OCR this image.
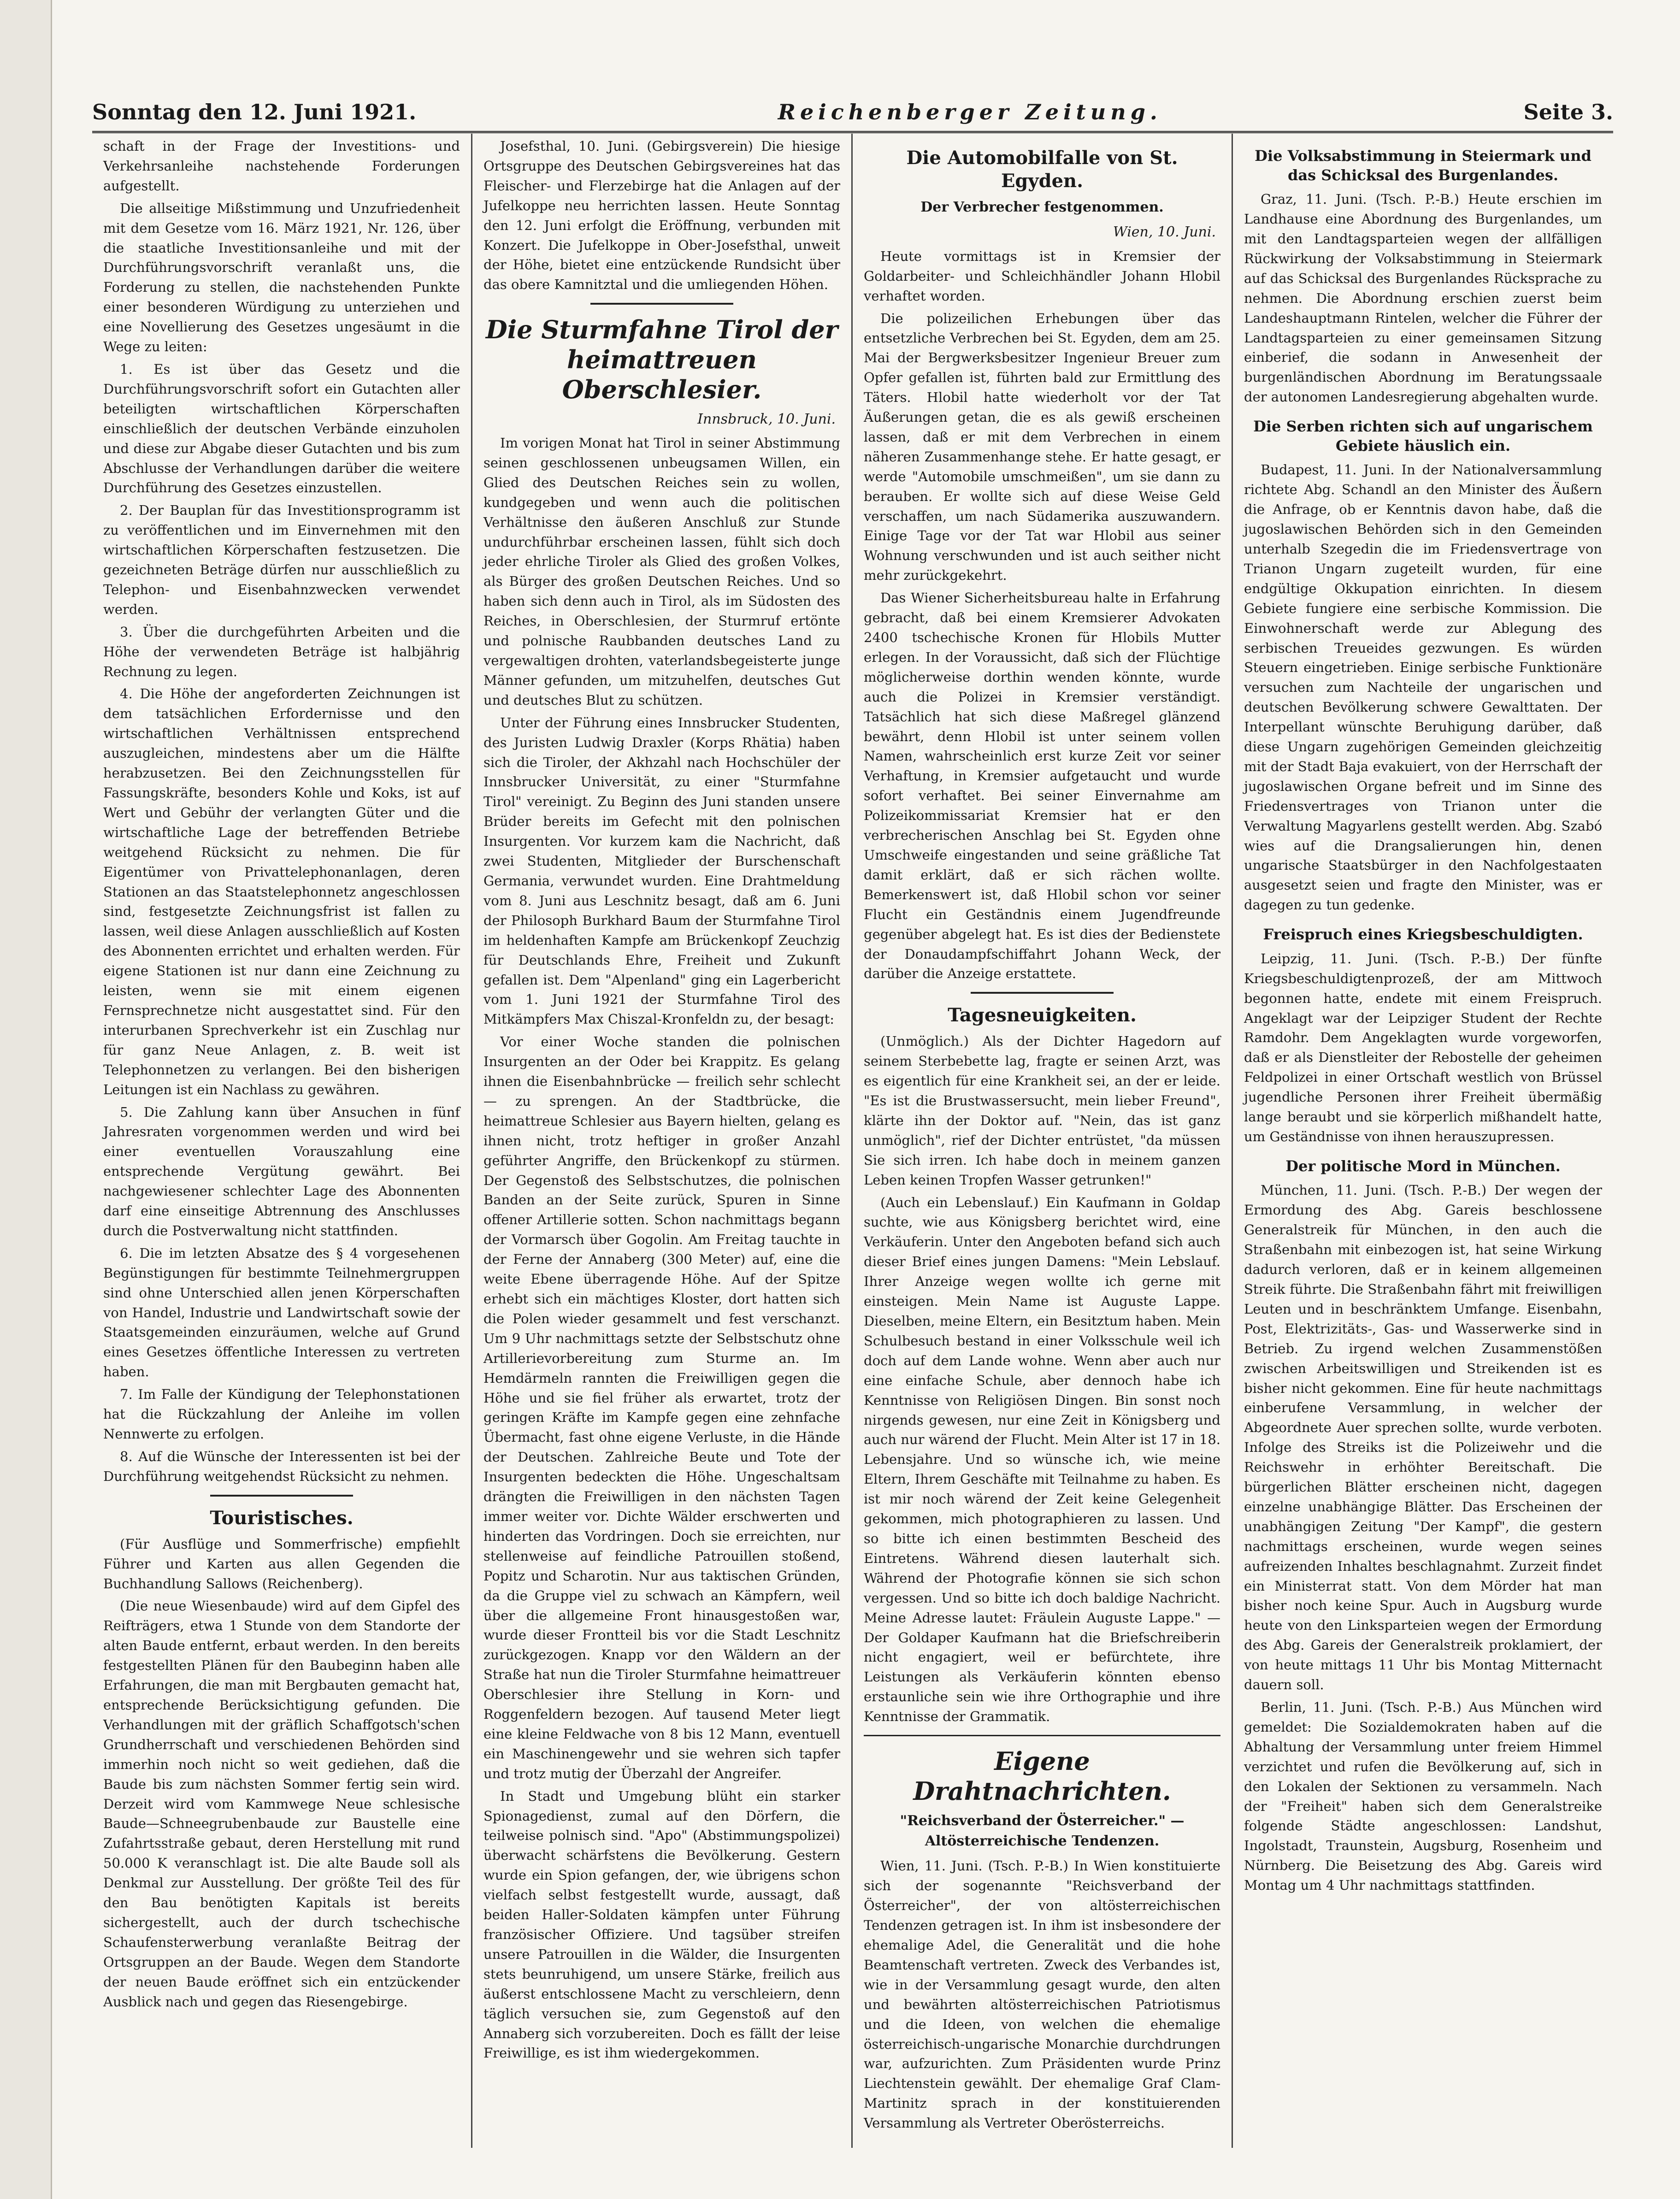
Sonntag den 12. Juni 1921.	Reichenberger Zeitung.	Seite 3.

schaft in der Frage der Investitions- und Verkehrsanleihe nachstehende Forderungen aufgestellt.

Die allseitige Mißstimmung und Unzufriedenheit mit dem Gesetze vom 16. März 1921, Nr. 126, über die staatliche Investitionsanleihe und mit der Durchführungsvorschrift veranlaßt uns, die Forderung zu stellen, die nachstehenden Punkte einer besonderen Würdigung zu unterziehen und eine Novellierung des Gesetzes ungesäumt in die Wege zu leiten:

1. Es ist über das Gesetz und die Durchführungsvorschrift sofort ein Gutachten aller beteiligten wirtschaftlichen Körperschaften einschließlich der deutschen Verbände einzuholen und diese zur Abgabe dieser Gutachten und bis zum Abschlusse der Verhandlungen darüber die weitere Durchführung des Gesetzes einzustellen.

2. Der Bauplan für das Investitionsprogramm ist zu veröffentlichen und im Einvernehmen mit den wirtschaftlichen Körperschaften festzusetzen. Die gezeichneten Beträge dürfen nur ausschließlich zu Telephon- und Eisenbahnzwecken verwendet werden.

3. Über die durchgeführten Arbeiten und die Höhe der verwendeten Beträge ist halbjährig Rechnung zu legen.

4. Die Höhe der angeforderten Zeichnungen ist dem tatsächlichen Erfordernisse und den wirtschaftlichen Verhältnissen entsprechend auszugleichen, mindestens aber um die Hälfte herabzusetzen. Bei den Zeichnungsstellen für Fassungskräfte, besonders Kohle und Koks, ist auf Wert und Gebühr der verlangten Güter und die wirtschaftliche Lage der betreffenden Betriebe weitgehend Rücksicht zu nehmen. Die für Eigentümer von Privattelephonanlagen, deren Stationen an das Staatstelephonnetz angeschlossen sind, festgesetzte Zeichnungsfrist ist fallen zu lassen, weil diese Anlagen ausschließlich auf Kosten des Abonnenten errichtet und erhalten werden. Für eigene Stationen ist nur dann eine Zeichnung zu leisten, wenn sie mit einem eigenen Fernsprechnetze nicht ausgestattet sind. Für den interurbanen Sprechverkehr ist ein Zuschlag nur für ganz Neue Anlagen, z. B. weit ist Telephonnetzen zu verlangen. Bei den bisherigen Leitungen ist ein Nachlass zu gewähren.

5. Die Zahlung kann über Ansuchen in fünf Jahresraten vorgenommen werden und wird bei einer eventuellen Vorauszahlung eine entsprechende Vergütung gewährt. Bei nachgewiesener schlechter Lage des Abonnenten darf eine einseitige Abtrennung des Anschlusses durch die Postverwaltung nicht stattfinden.

6. Die im letzten Absatze des § 4 vorgesehenen Begünstigungen für bestimmte Teilnehmergruppen sind ohne Unterschied allen jenen Körperschaften von Handel, Industrie und Landwirtschaft sowie der Staatsgemeinden einzuräumen, welche auf Grund eines Gesetzes öffentliche Interessen zu vertreten haben.

7. Im Falle der Kündigung der Telephonstationen hat die Rückzahlung der Anleihe im vollen Nennwerte zu erfolgen.

8. Auf die Wünsche der Interessenten ist bei der Durchführung weitgehendst Rücksicht zu nehmen.

Touristisches.

(Für Ausflüge und Sommerfrische) empfiehlt Führer und Karten aus allen Gegenden die Buchhandlung Sallows (Reichenberg).

(Die neue Wiesenbaude) wird auf dem Gipfel des Reifträgers, etwa 1 Stunde von dem Standorte der alten Baude entfernt, erbaut werden. In den bereits festgestellten Plänen für den Baubeginn haben alle Erfahrungen, die man mit Bergbauten gemacht hat, entsprechende Berücksichtigung gefunden. Die Verhandlungen mit der gräflich Schaffgotsch'schen Grundherrschaft und verschiedenen Behörden sind immerhin noch nicht so weit gediehen, daß die Baude bis zum nächsten Sommer fertig sein wird. Derzeit wird vom Kammwege Neue schlesische Baude—Schneegrubenbaude zur Baustelle eine Zufahrtsstraße gebaut, deren Herstellung mit rund 50.000 K veranschlagt ist. Die alte Baude soll als Denkmal zur Ausstellung. Der größte Teil des für den Bau benötigten Kapitals ist bereits sichergestellt, auch der durch tschechische Schaufensterwerbung veranlaßte Beitrag der Ortsgruppen an der Baude. Wegen dem Standorte der neuen Baude eröffnet sich ein entzückender Ausblick nach und gegen das Riesengebirge.

Josefsthal, 10. Juni. (Gebirgsverein) Die hiesige Ortsgruppe des Deutschen Gebirgsvereines hat das Fleischer- und Flerzebirge hat die Anlagen auf der Jufelkoppe neu herrichten lassen. Heute Sonntag den 12. Juni erfolgt die Eröffnung, verbunden mit Konzert. Die Jufelkoppe in Ober-Josefsthal, unweit der Höhe, bietet eine entzückende Rundsicht über das obere Kamnitztal und die umliegenden Höhen.

Die Sturmfahne Tirol der heimattreuen Oberschlesier.
Innsbruck, 10. Juni.

Im vorigen Monat hat Tirol in seiner Abstimmung seinen geschlossenen unbeugsamen Willen, ein Glied des Deutschen Reiches sein zu wollen, kundgegeben und wenn auch die politischen Verhältnisse den äußeren Anschluß zur Stunde undurchführbar erscheinen lassen, fühlt sich doch jeder ehrliche Tiroler als Glied des großen Volkes, als Bürger des großen Deutschen Reiches. Und so haben sich denn auch in Tirol, als im Südosten des Reiches, in Oberschlesien, der Sturmruf ertönte und polnische Raubbanden deutsches Land zu vergewaltigen drohten, vaterlandsbegeisterte junge Männer gefunden, um mitzuhelfen, deutsches Gut und deutsches Blut zu schützen.

Unter der Führung eines Innsbrucker Studenten, des Juristen Ludwig Draxler (Korps Rhätia) haben sich die Tiroler, der Akhzahl nach Hochschüler der Innsbrucker Universität, zu einer "Sturmfahne Tirol" vereinigt. Zu Beginn des Juni standen unsere Brüder bereits im Gefecht mit den polnischen Insurgenten. Vor kurzem kam die Nachricht, daß zwei Studenten, Mitglieder der Burschenschaft Germania, verwundet wurden. Eine Drahtmeldung vom 8. Juni aus Leschnitz besagt, daß am 6. Juni der Philosoph Burkhard Baum der Sturmfahne Tirol im heldenhaften Kampfe am Brückenkopf Zeuchzig für Deutschlands Ehre, Freiheit und Zukunft gefallen ist. Dem "Alpenland" ging ein Lagerbericht vom 1. Juni 1921 der Sturmfahne Tirol des Mitkämpfers Max Chiszal-Kronfeldn zu, der besagt:

Vor einer Woche standen die polnischen Insurgenten an der Oder bei Krappitz. Es gelang ihnen die Eisenbahnbrücke — freilich sehr schlecht — zu sprengen. An der Stadtbrücke, die heimattreue Schlesier aus Bayern hielten, gelang es ihnen nicht, trotz heftiger in großer Anzahl geführter Angriffe, den Brückenkopf zu stürmen. Der Gegenstoß des Selbstschutzes, die polnischen Banden an der Seite zurück, Spuren in Sinne offener Artillerie sotten. Schon nachmittags begann der Vormarsch über Gogolin. Am Freitag tauchte in der Ferne der Annaberg (300 Meter) auf, eine die weite Ebene überragende Höhe. Auf der Spitze erhebt sich ein mächtiges Kloster, dort hatten sich die Polen wieder gesammelt und fest verschanzt. Um 9 Uhr nachmittags setzte der Selbstschutz ohne Artillerievorbereitung zum Sturme an. Im Hemdärmeln rannten die Freiwilligen gegen die Höhe und sie fiel früher als erwartet, trotz der geringen Kräfte im Kampfe gegen eine zehnfache Übermacht, fast ohne eigene Verluste, in die Hände der Deutschen. Zahlreiche Beute und Tote der Insurgenten bedeckten die Höhe. Ungeschaltsam drängten die Freiwilligen in den nächsten Tagen immer weiter vor. Dichte Wälder erschwerten und hinderten das Vordringen. Doch sie erreichten, nur stellenweise auf feindliche Patrouillen stoßend, Popitz und Scharotin. Nur aus taktischen Gründen, da die Gruppe viel zu schwach an Kämpfern, weil über die allgemeine Front hinausgestoßen war, wurde dieser Frontteil bis vor die Stadt Leschnitz zurückgezogen. Knapp vor den Wäldern an der Straße hat nun die Tiroler Sturmfahne heimattreuer Oberschlesier ihre Stellung in Korn- und Roggenfeldern bezogen. Auf tausend Meter liegt eine kleine Feldwache von 8 bis 12 Mann, eventuell ein Maschinengewehr und sie wehren sich tapfer und trotz mutig der Überzahl der Angreifer.

In Stadt und Umgebung blüht ein starker Spionagedienst, zumal auf den Dörfern, die teilweise polnisch sind. "Apo" (Abstimmungspolizei) überwacht schärfstens die Bevölkerung. Gestern wurde ein Spion gefangen, der, wie übrigens schon vielfach selbst festgestellt wurde, aussagt, daß beiden Haller-Soldaten kämpfen unter Führung französischer Offiziere. Und tagsüber streifen unsere Patrouillen in die Wälder, die Insurgenten stets beunruhigend, um unsere Stärke, freilich aus äußerst entschlossene Macht zu verschleiern, denn täglich versuchen sie, zum Gegenstoß auf den Annaberg sich vorzubereiten. Doch es fällt der leise Freiwillige, es ist ihm wiedergekommen.

Die Automobilfalle von St. Egyden.
Der Verbrecher festgenommen.
Wien, 10. Juni.

Heute vormittags ist in Kremsier der Goldarbeiter- und Schleichhändler Johann Hlobil verhaftet worden.

Die polizeilichen Erhebungen über das entsetzliche Verbrechen bei St. Egyden, dem am 25. Mai der Bergwerksbesitzer Ingenieur Breuer zum Opfer gefallen ist, führten bald zur Ermittlung des Täters. Hlobil hatte wiederholt vor der Tat Äußerungen getan, die es als gewiß erscheinen lassen, daß er mit dem Verbrechen in einem näheren Zusammenhange stehe. Er hatte gesagt, er werde "Automobile umschmeißen", um sie dann zu berauben. Er wollte sich auf diese Weise Geld verschaffen, um nach Südamerika auszuwandern. Einige Tage vor der Tat war Hlobil aus seiner Wohnung verschwunden und ist auch seither nicht mehr zurückgekehrt.

Das Wiener Sicherheitsbureau halte in Erfahrung gebracht, daß bei einem Kremsierer Advokaten 2400 tschechische Kronen für Hlobils Mutter erlegen. In der Voraussicht, daß sich der Flüchtige möglicherweise dorthin wenden könnte, wurde auch die Polizei in Kremsier verständigt. Tatsächlich hat sich diese Maßregel glänzend bewährt, denn Hlobil ist unter seinem vollen Namen, wahrscheinlich erst kurze Zeit vor seiner Verhaftung, in Kremsier aufgetaucht und wurde sofort verhaftet. Bei seiner Einvernahme am Polizeikommissariat Kremsier hat er den verbrecherischen Anschlag bei St. Egyden ohne Umschweife eingestanden und seine gräßliche Tat damit erklärt, daß er sich rächen wollte. Bemerkenswert ist, daß Hlobil schon vor seiner Flucht ein Geständnis einem Jugendfreunde gegenüber abgelegt hat. Es ist dies der Bedienstete der Donaudampfschiffahrt Johann Weck, der darüber die Anzeige erstattete.

Tagesneuigkeiten.

(Unmöglich.) Als der Dichter Hagedorn auf seinem Sterbebette lag, fragte er seinen Arzt, was es eigentlich für eine Krankheit sei, an der er leide. "Es ist die Brustwassersucht, mein lieber Freund", klärte ihn der Doktor auf. "Nein, das ist ganz unmöglich", rief der Dichter entrüstet, "da müssen Sie sich irren. Ich habe doch in meinem ganzen Leben keinen Tropfen Wasser getrunken!"

(Auch ein Lebenslauf.) Ein Kaufmann in Goldap suchte, wie aus Königsberg berichtet wird, eine Verkäuferin. Unter den Angeboten befand sich auch dieser Brief eines jungen Damens: "Mein Lebslauf. Ihrer Anzeige wegen wollte ich gerne mit einsteigen. Mein Name ist Auguste Lappe. Dieselben, meine Eltern, ein Besitztum haben. Mein Schulbesuch bestand in einer Volksschule weil ich doch auf dem Lande wohne. Wenn aber auch nur eine einfache Schule, aber dennoch habe ich Kenntnisse von Religiösen Dingen. Bin sonst noch nirgends gewesen, nur eine Zeit in Königsberg und auch nur wärend der Flucht. Mein Alter ist 17 in 18. Lebensjahre. Und so wünsche ich, wie meine Eltern, Ihrem Geschäfte mit Teilnahme zu haben. Es ist mir noch wärend der Zeit keine Gelegenheit gekommen, mich photographieren zu lassen. Und so bitte ich einen bestimmten Bescheid des Eintretens. Während diesen lauterhalt sich. Während der Photografie können sie sich schon vergessen. Und so bitte ich doch baldige Nachricht. Meine Adresse lautet: Fräulein Auguste Lappe." — Der Goldaper Kaufmann hat die Briefschreiberin nicht engagiert, weil er befürchtete, ihre Leistungen als Verkäuferin könnten ebenso erstaunliche sein wie ihre Orthographie und ihre Kenntnisse der Grammatik.

Eigene Drahtnachrichten.
"Reichsverband der Österreicher." — Altösterreichische Tendenzen.

Wien, 11. Juni. (Tsch. P.-B.) In Wien konstituierte sich der sogenannte "Reichsverband der Österreicher", der von altösterreichischen Tendenzen getragen ist. In ihm ist insbesondere der ehemalige Adel, die Generalität und die hohe Beamtenschaft vertreten. Zweck des Verbandes ist, wie in der Versammlung gesagt wurde, den alten und bewährten altösterreichischen Patriotismus und die Ideen, von welchen die ehemalige österreichisch-ungarische Monarchie durchdrungen war, aufzurichten. Zum Präsidenten wurde Prinz Liechtenstein gewählt. Der ehemalige Graf Clam-Martinitz sprach in der konstituierenden Versammlung als Vertreter Oberösterreichs.

Die Volksabstimmung in Steiermark und das Schicksal des Burgenlandes.

Graz, 11. Juni. (Tsch. P.-B.) Heute erschien im Landhause eine Abordnung des Burgenlandes, um mit den Landtagsparteien wegen der allfälligen Rückwirkung der Volksabstimmung in Steiermark auf das Schicksal des Burgenlandes Rücksprache zu nehmen. Die Abordnung erschien zuerst beim Landeshauptmann Rintelen, welcher die Führer der Landtagsparteien zu einer gemeinsamen Sitzung einberief, die sodann in Anwesenheit der burgenländischen Abordnung im Beratungssaale der autonomen Landesregierung abgehalten wurde.

Die Serben richten sich auf ungarischem Gebiete häuslich ein.

Budapest, 11. Juni. In der Nationalversammlung richtete Abg. Schandl an den Minister des Äußern die Anfrage, ob er Kenntnis davon habe, daß die jugoslawischen Behörden sich in den Gemeinden unterhalb Szegedin die im Friedensvertrage von Trianon Ungarn zugeteilt wurden, für eine endgültige Okkupation einrichten. In diesem Gebiete fungiere eine serbische Kommission. Die Einwohnerschaft werde zur Ablegung des serbischen Treueides gezwungen. Es würden Steuern eingetrieben. Einige serbische Funktionäre versuchen zum Nachteile der ungarischen und deutschen Bevölkerung schwere Gewalttaten. Der Interpellant wünschte Beruhigung darüber, daß diese Ungarn zugehörigen Gemeinden gleichzeitig mit der Stadt Baja evakuiert, von der Herrschaft der jugoslawischen Organe befreit und im Sinne des Friedensvertrages von Trianon unter die Verwaltung Magyarlens gestellt werden. Abg. Szabó wies auf die Drangsalierungen hin, denen ungarische Staatsbürger in den Nachfolgestaaten ausgesetzt seien und fragte den Minister, was er dagegen zu tun gedenke.

Freispruch eines Kriegsbeschuldigten.

Leipzig, 11. Juni. (Tsch. P.-B.) Der fünfte Kriegsbeschuldigtenprozeß, der am Mittwoch begonnen hatte, endete mit einem Freispruch. Angeklagt war der Leipziger Student der Rechte Ramdohr. Dem Angeklagten wurde vorgeworfen, daß er als Dienstleiter der Rebostelle der geheimen Feldpolizei in einer Ortschaft westlich von Brüssel jugendliche Personen ihrer Freiheit übermäßig lange beraubt und sie körperlich mißhandelt hatte, um Geständnisse von ihnen herauszupressen.

Der politische Mord in München.

München, 11. Juni. (Tsch. P.-B.) Der wegen der Ermordung des Abg. Gareis beschlossene Generalstreik für München, in den auch die Straßenbahn mit einbezogen ist, hat seine Wirkung dadurch verloren, daß er in keinem allgemeinen Streik führte. Die Straßenbahn fährt mit freiwilligen Leuten und in beschränktem Umfange. Eisenbahn, Post, Elektrizitäts-, Gas- und Wasserwerke sind in Betrieb. Zu irgend welchen Zusammenstößen zwischen Arbeitswilligen und Streikenden ist es bisher nicht gekommen. Eine für heute nachmittags einberufene Versammlung, in welcher der Abgeordnete Auer sprechen sollte, wurde verboten. Infolge des Streiks ist die Polizeiwehr und die Reichswehr in erhöhter Bereitschaft. Die bürgerlichen Blätter erscheinen nicht, dagegen einzelne unabhängige Blätter. Das Erscheinen der unabhängigen Zeitung "Der Kampf", die gestern nachmittags erscheinen, wurde wegen seines aufreizenden Inhaltes beschlagnahmt. Zurzeit findet ein Ministerrat statt. Von dem Mörder hat man bisher noch keine Spur. Auch in Augsburg wurde heute von den Linksparteien wegen der Ermordung des Abg. Gareis der Generalstreik proklamiert, der von heute mittags 11 Uhr bis Montag Mitternacht dauern soll.

Berlin, 11. Juni. (Tsch. P.-B.) Aus München wird gemeldet: Die Sozialdemokraten haben auf die Abhaltung der Versammlung unter freiem Himmel verzichtet und rufen die Bevölkerung auf, sich in den Lokalen der Sektionen zu versammeln. Nach der "Freiheit" haben sich dem Generalstreike folgende Städte angeschlossen: Landshut, Ingolstadt, Traunstein, Augsburg, Rosenheim und Nürnberg. Die Beisetzung des Abg. Gareis wird Montag um 4 Uhr nachmittags stattfinden.
